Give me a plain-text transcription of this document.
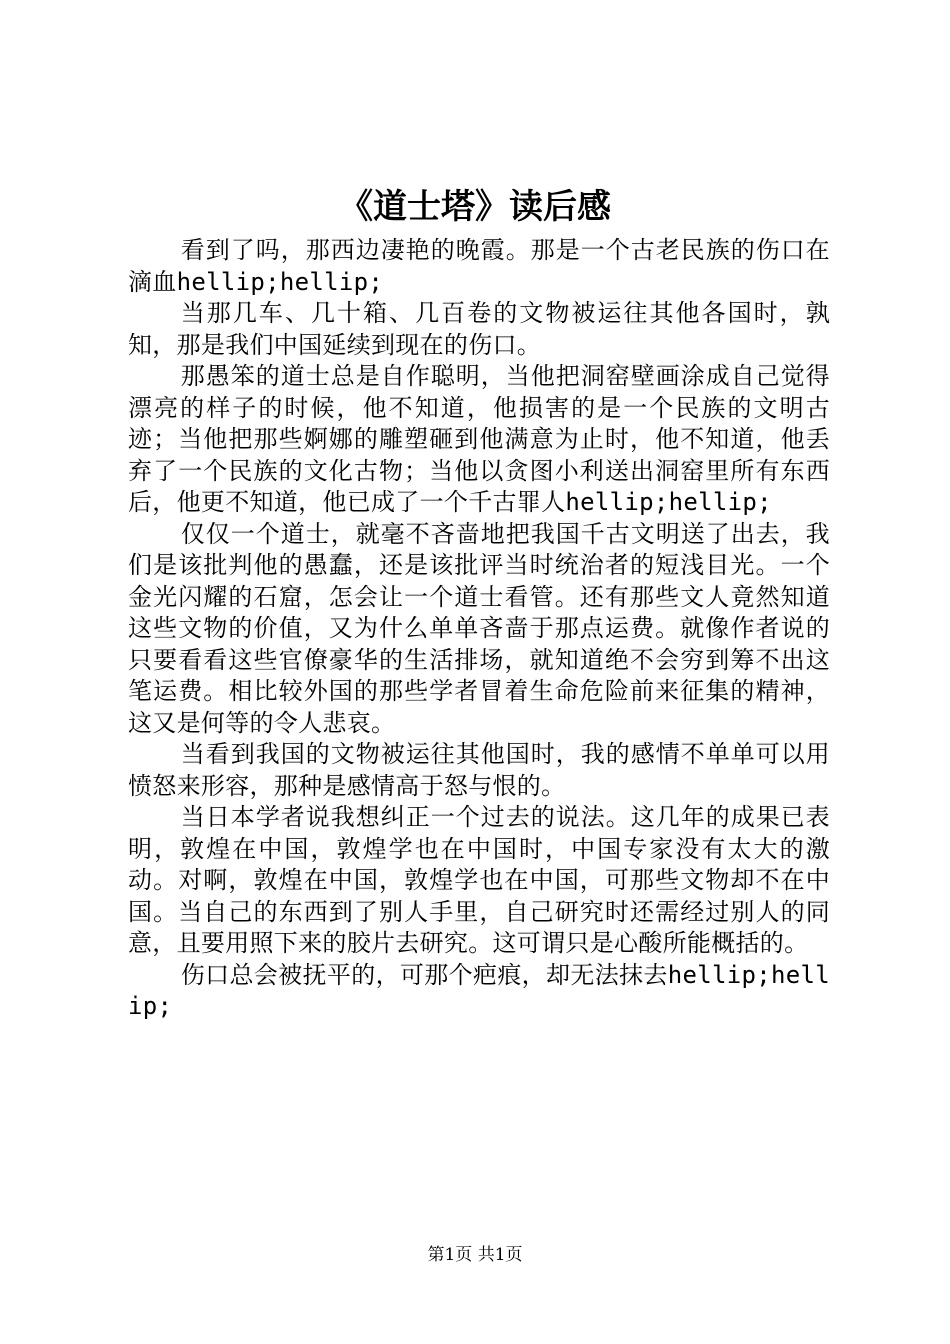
《道士塔》读后感

看到了吗，那西边凄艳的晚霞。那是一个古老民族的伤口在滴血hellip;hellip;

当那几车、几十箱、几百卷的文物被运往其他各国时，孰知，那是我们中国延续到现在的伤口。

那愚笨的道士总是自作聪明，当他把洞窑壁画涂成自己觉得漂亮的样子的时候，他不知道，他损害的是一个民族的文明古迹；当他把那些婀娜的雕塑砸到他满意为止时，他不知道，他丢弃了一个民族的文化古物；当他以贪图小利送出洞窑里所有东西后，他更不知道，他已成了一个千古罪人hellip;hellip;

仅仅一个道士，就毫不吝啬地把我国千古文明送了出去，我们是该批判他的愚蠢，还是该批评当时统治者的短浅目光。一个金光闪耀的石窟，怎会让一个道士看管。还有那些文人竟然知道这些文物的价值，又为什么单单吝啬于那点运费。就像作者说的只要看看这些官僚豪华的生活排场，就知道绝不会穷到筹不出这笔运费。相比较外国的那些学者冒着生命危险前来征集的精神，这又是何等的令人悲哀。

当看到我国的文物被运往其他国时，我的感情不单单可以用愤怒来形容，那种是感情高于怒与恨的。

当日本学者说我想纠正一个过去的说法。这几年的成果已表明，敦煌在中国，敦煌学也在中国时，中国专家没有太大的激动。对啊，敦煌在中国，敦煌学也在中国，可那些文物却不在中国。当自己的东西到了别人手里，自己研究时还需经过别人的同意，且要用照下来的胶片去研究。这可谓只是心酸所能概括的。

伤口总会被抚平的，可那个疤痕，却无法抹去hellip;hellip;

第1页 共1页
